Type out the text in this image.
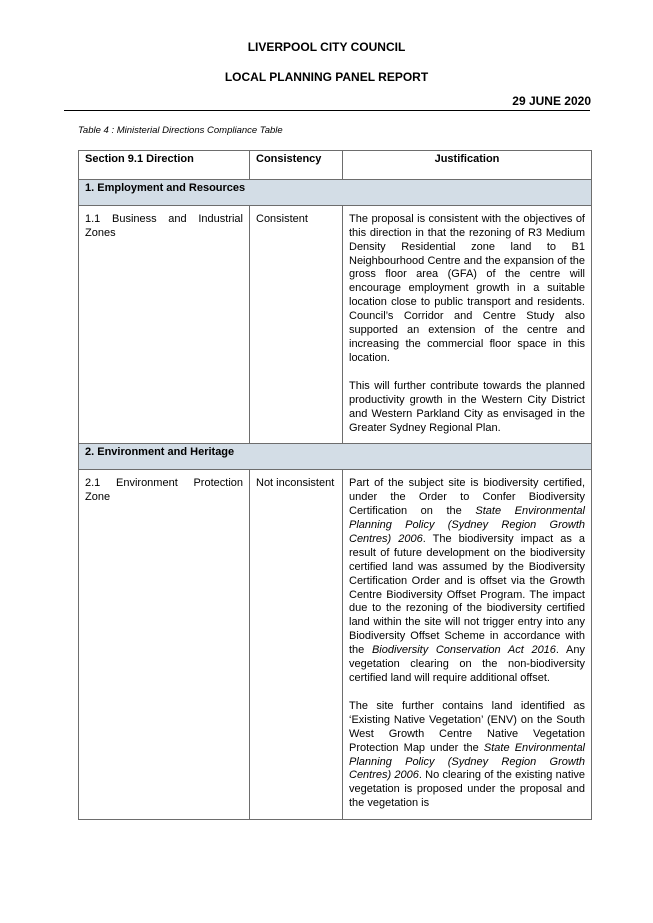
LIVERPOOL CITY COUNCIL
LOCAL PLANNING PANEL REPORT
29 JUNE 2020
Table 4 : Ministerial Directions Compliance Table
Section 9.1 Direction	Consistency	Justification
1. Employment and Resources		
1.1 Business and Industrial Zones	Consistent	The proposal is consistent with the objectives of this direction in that the rezoning of R3 Medium Density Residential zone land to B1 Neighbourhood Centre and the expansion of the gross floor area (GFA) of the centre will encourage employment growth in a suitable location close to public transport and residents. Council’s Corridor and Centre Study also supported an extension of the centre and increasing the commercial floor space in this location.
This will further contribute towards the planned productivity growth in the Western City District and Western Parkland City as envisaged in the Greater Sydney Regional Plan.

2. Environment and Heritage		
2.1 Environment Protection Zone	Not inconsistent	Part of the subject site is biodiversity certified, under the Order to Confer Biodiversity Certification on the State Environmental Planning Policy (Sydney Region Growth Centres) 2006. The biodiversity impact as a result of future development on the biodiversity certified land was assumed by the Biodiversity Certification Order and is offset via the Growth Centre Biodiversity Offset Program. The impact due to the rezoning of the biodiversity certified land within the site will not trigger entry into any Biodiversity Offset Scheme in accordance with the Biodiversity Conservation Act 2016. Any vegetation clearing on the non-biodiversity certified land will require additional offset.
The site further contains land identified as ‘Existing Native Vegetation’ (ENV) on the South West Growth Centre Native Vegetation Protection Map under the State Environmental Planning Policy (Sydney Region Growth Centres) 2006. No clearing of the existing native vegetation is proposed under the proposal and the vegetation is
